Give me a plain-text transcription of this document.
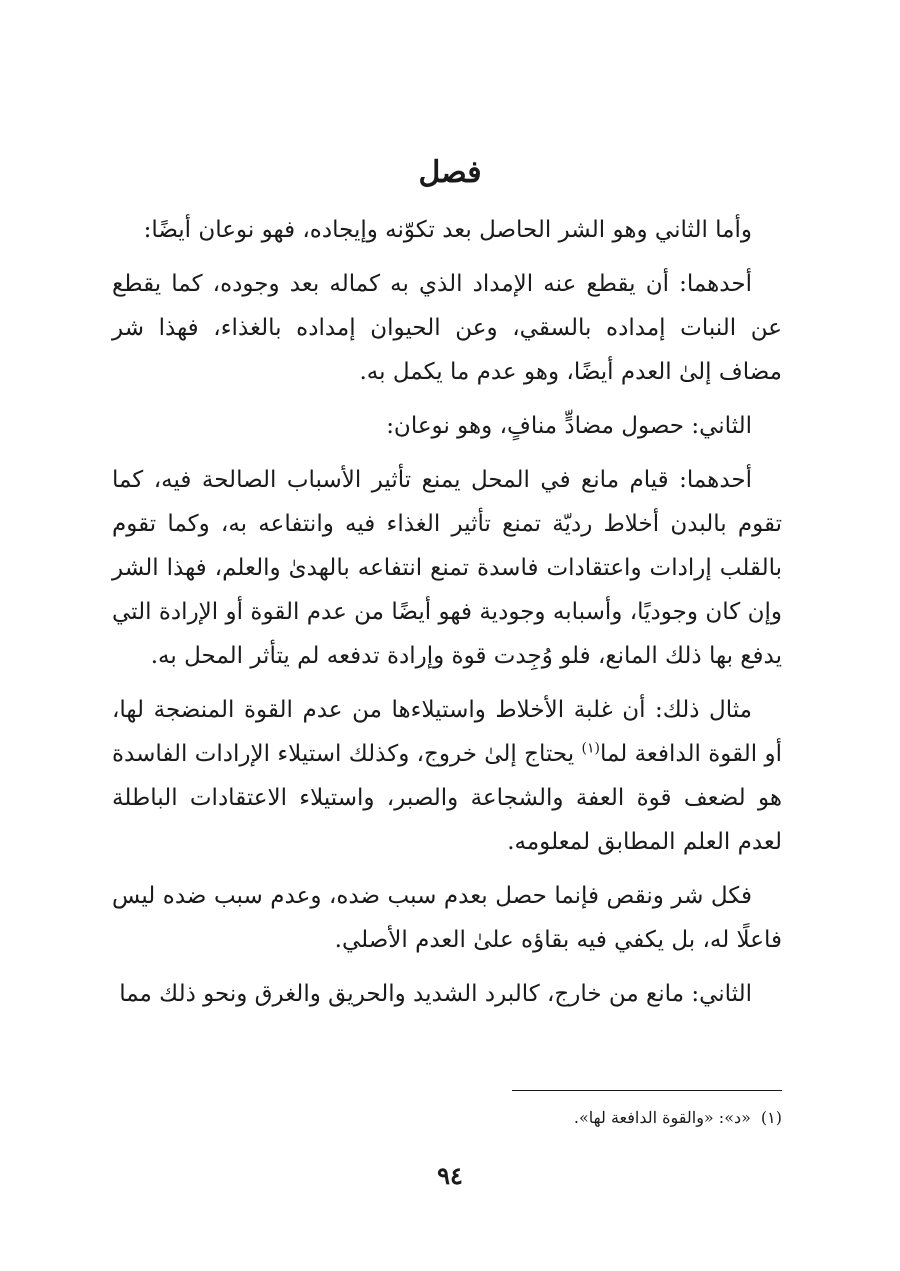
فصل

وأما الثاني وهو الشر الحاصل بعد تكوّنه وإيجاده، فهو نوعان أيضًا:

أحدهما: أن يقطع عنه الإمداد الذي به كماله بعد وجوده، كما يقطع عن النبات إمداده بالسقي، وعن الحيوان إمداده بالغذاء، فهذا شر مضاف إلىٰ العدم أيضًا، وهو عدم ما يكمل به.

الثاني: حصول مضادٍّ منافٍ، وهو نوعان:

أحدهما: قيام مانع في المحل يمنع تأثير الأسباب الصالحة فيه، كما تقوم بالبدن أخلاط رديّة تمنع تأثير الغذاء فيه وانتفاعه به، وكما تقوم بالقلب إرادات واعتقادات فاسدة تمنع انتفاعه بالهدىٰ والعلم، فهذا الشر وإن كان وجوديًا، وأسبابه وجودية فهو أيضًا من عدم القوة أو الإرادة التي يدفع بها ذلك المانع، فلو وُجِدت قوة وإرادة تدفعه لم يتأثر المحل به.

مثال ذلك: أن غلبة الأخلاط واستيلاءها من عدم القوة المنضجة لها، أو القوة الدافعة لما$^{(١)}$ يحتاج إلىٰ خروج، وكذلك استيلاء الإرادات الفاسدة هو لضعف قوة العفة والشجاعة والصبر، واستيلاء الاعتقادات الباطلة لعدم العلم المطابق لمعلومه.

فكل شر ونقص فإنما حصل بعدم سبب ضده، وعدم سبب ضده ليس فاعلًا له، بل يكفي فيه بقاؤه علىٰ العدم الأصلي.

الثاني: مانع من خارج، كالبرد الشديد والحريق والغرق ونحو ذلك مما

(١)«د»: «والقوة الدافعة لها».
٩٤
